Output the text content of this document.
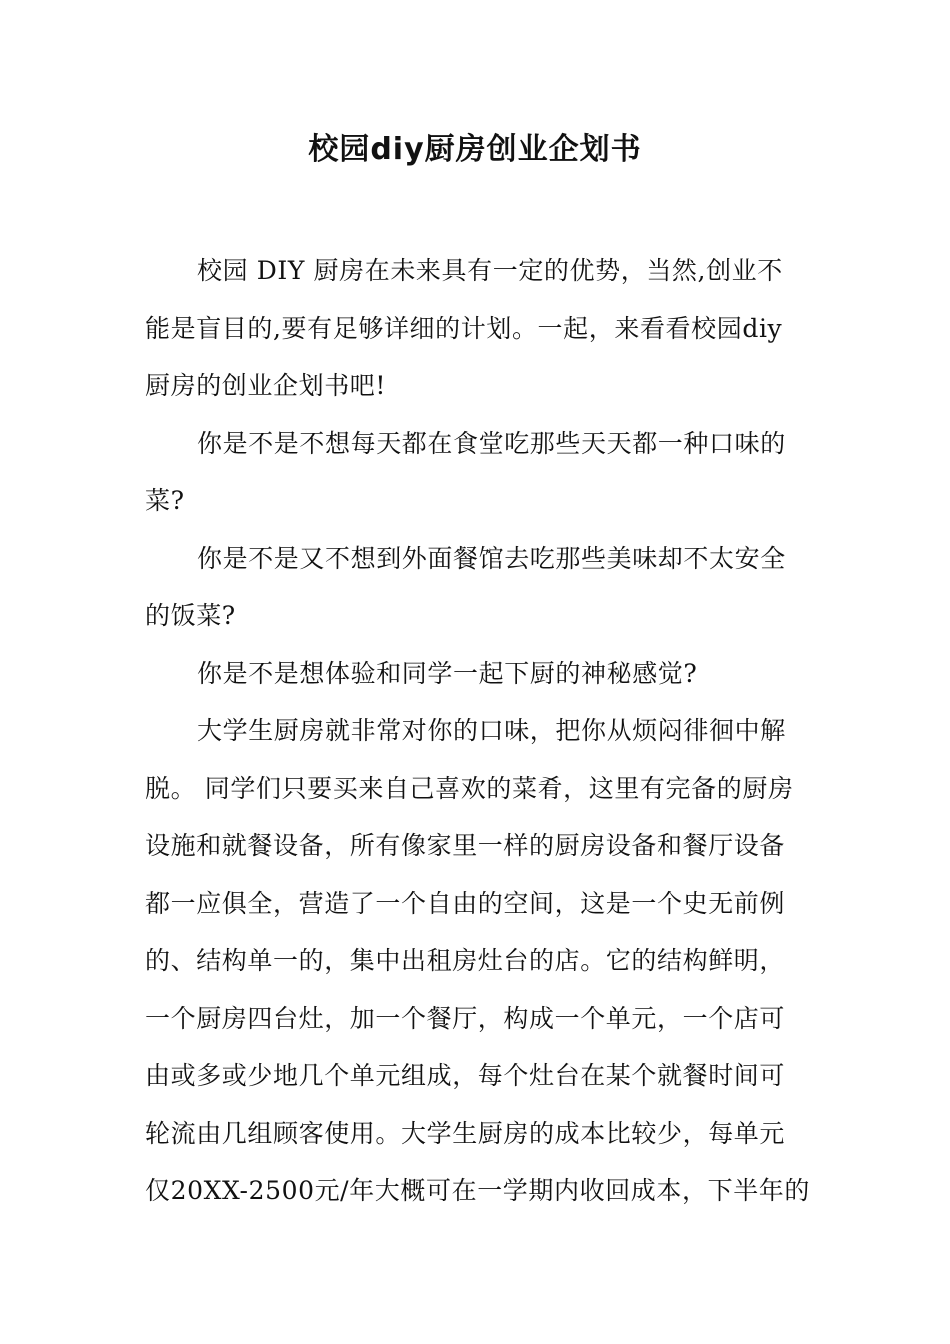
校园diy厨房创业企划书
校园 DIY 厨房在未来具有一定的优势，当然,创业不
能是盲目的,要有足够详细的计划。一起，来看看校园diy
厨房的创业企划书吧!
你是不是不想每天都在食堂吃那些天天都一种口味的
菜?
你是不是又不想到外面餐馆去吃那些美味却不太安全
的饭菜?
你是不是想体验和同学一起下厨的神秘感觉?
大学生厨房就非常对你的口味，把你从烦闷徘徊中解
脱。 同学们只要买来自己喜欢的菜肴，这里有完备的厨房
设施和就餐设备，所有像家里一样的厨房设备和餐厅设备
都一应俱全，营造了一个自由的空间，这是一个史无前例
的、结构单一的，集中出租房灶台的店。它的结构鲜明，
一个厨房四台灶，加一个餐厅，构成一个单元，一个店可
由或多或少地几个单元组成，每个灶台在某个就餐时间可
轮流由几组顾客使用。大学生厨房的成本比较少，每单元
仅20XX-2500元/年大概可在一学期内收回成本，下半年的
